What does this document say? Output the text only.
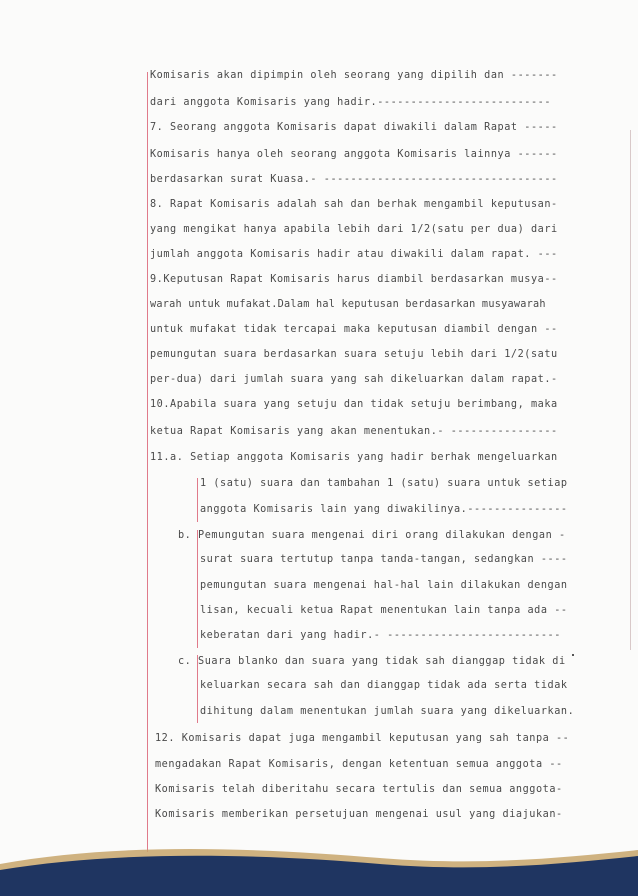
Komisaris akan dipimpin oleh seorang yang dipilih dan -------
dari anggota Komisaris yang hadir.--------------------------
7. Seorang anggota Komisaris dapat diwakili dalam Rapat -----
Komisaris hanya oleh seorang anggota Komisaris lainnya ------
berdasarkan surat Kuasa.- -----------------------------------
8. Rapat Komisaris adalah sah dan berhak mengambil keputusan-
yang mengikat hanya apabila lebih dari 1/2(satu per dua) dari
jumlah anggota Komisaris hadir atau diwakili dalam rapat. ---
9.Keputusan Rapat Komisaris harus diambil berdasarkan musya--
warah untuk mufakat.Dalam hal keputusan berdasarkan musyawarah
untuk mufakat tidak tercapai maka keputusan diambil dengan --
pemungutan suara berdasarkan suara setuju lebih dari 1/2(satu
per-dua) dari jumlah suara yang sah dikeluarkan dalam rapat.-
10.Apabila suara yang setuju dan tidak setuju berimbang, maka
ketua Rapat Komisaris yang akan menentukan.- ----------------
11.a. Setiap anggota Komisaris yang hadir berhak mengeluarkan
1 (satu) suara dan tambahan 1 (satu) suara untuk setiap
anggota Komisaris lain yang diwakilinya.---------------
b. Pemungutan suara mengenai diri orang dilakukan dengan -
surat suara tertutup tanpa tanda-tangan, sedangkan ----
pemungutan suara mengenai hal-hal lain dilakukan dengan
lisan, kecuali ketua Rapat menentukan lain tanpa ada --
keberatan dari yang hadir.- --------------------------
c. Suara blanko dan suara yang tidak sah dianggap tidak di
keluarkan secara sah dan dianggap tidak ada serta tidak
dihitung dalam menentukan jumlah suara yang dikeluarkan.
12. Komisaris dapat juga mengambil keputusan yang sah tanpa --
mengadakan Rapat Komisaris, dengan ketentuan semua anggota --
Komisaris telah diberitahu secara tertulis dan semua anggota-
Komisaris memberikan persetujuan mengenai usul yang diajukan-
